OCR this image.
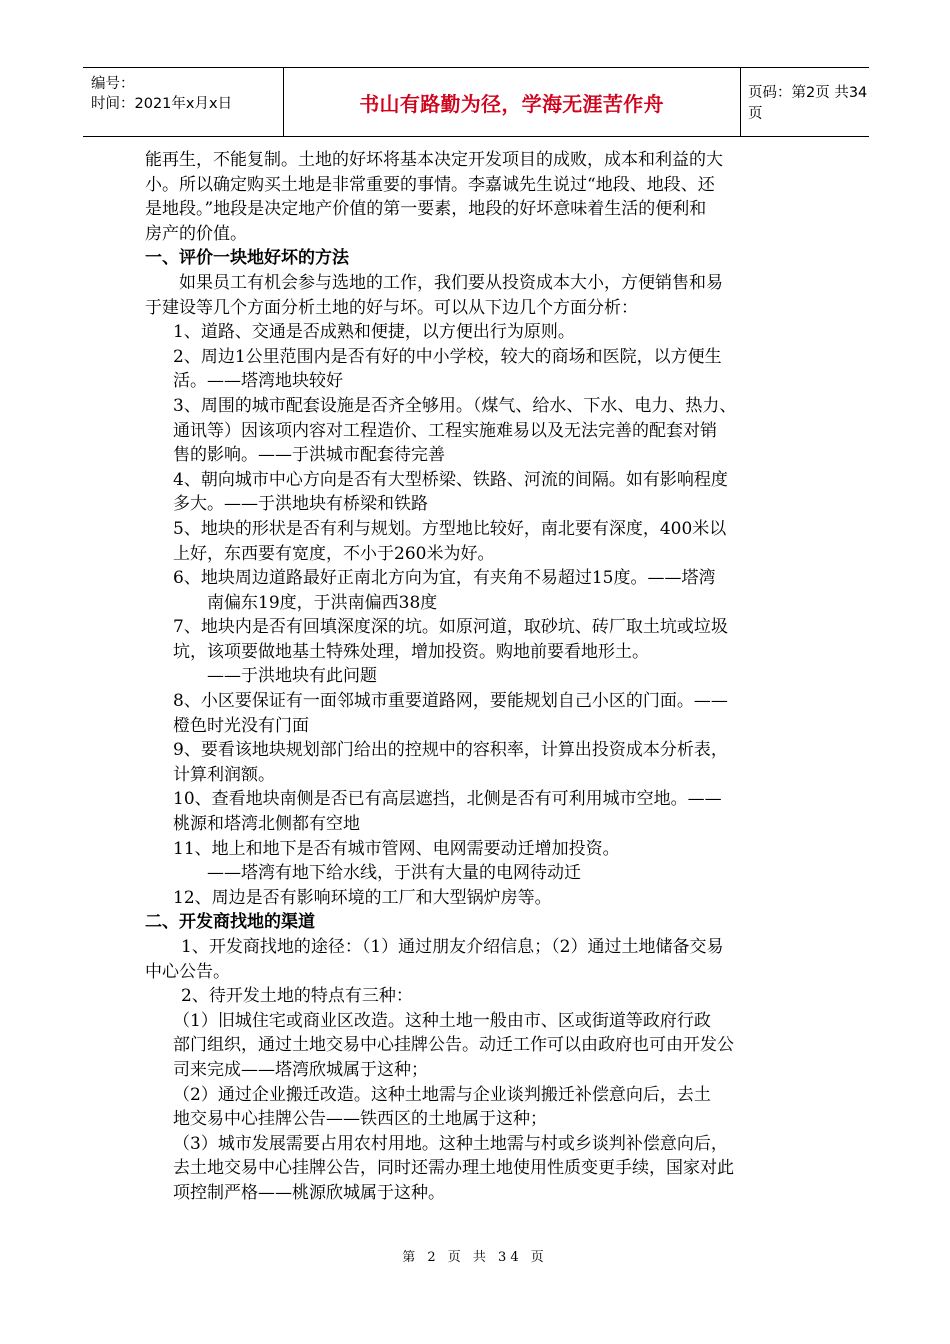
编号：
时间：2021年x月x日	书山有路勤为径，学海无涯苦作舟	页码：第2页 共34页

能再生，不能复制。土地的好坏将基本决定开发项目的成败，成本和利益的大

小。所以确定购买土地是非常重要的事情。李嘉诚先生说过“地段、地段、还

是地段。”地段是决定地产价值的第一要素，地段的好坏意味着生活的便利和

房产的价值。

一、评价一块地好坏的方法

如果员工有机会参与选地的工作，我们要从投资成本大小，方便销售和易

于建设等几个方面分析土地的好与坏。可以从下边几个方面分析：

1、道路、交通是否成熟和便捷，以方便出行为原则。

2、周边1公里范围内是否有好的中小学校，较大的商场和医院，以方便生

活。——塔湾地块较好

3、周围的城市配套设施是否齐全够用。（煤气、给水、下水、电力、热力、

通讯等）因该项内容对工程造价、工程实施难易以及无法完善的配套对销

售的影响。——于洪城市配套待完善

4、朝向城市中心方向是否有大型桥梁、铁路、河流的间隔。如有影响程度

多大。——于洪地块有桥梁和铁路

5、地块的形状是否有利与规划。方型地比较好，南北要有深度，400米以

上好，东西要有宽度，不小于260米为好。

6、地块周边道路最好正南北方向为宜，有夹角不易超过15度。——塔湾

南偏东19度，于洪南偏西38度

7、地块内是否有回填深度深的坑。如原河道，取砂坑、砖厂取土坑或垃圾

坑，该项要做地基土特殊处理，增加投资。购地前要看地形土。

——于洪地块有此问题

8、小区要保证有一面邻城市重要道路网，要能规划自己小区的门面。——

橙色时光没有门面

9、要看该地块规划部门给出的控规中的容积率，计算出投资成本分析表，

计算利润额。

10、查看地块南侧是否已有高层遮挡，北侧是否有可利用城市空地。——

桃源和塔湾北侧都有空地

11、地上和地下是否有城市管网、电网需要动迁增加投资。

——塔湾有地下给水线，于洪有大量的电网待动迁

12、周边是否有影响环境的工厂和大型锅炉房等。

二、开发商找地的渠道

1、开发商找地的途径：（1）通过朋友介绍信息；（2）通过土地储备交易

中心公告。

2、待开发土地的特点有三种：

（1）旧城住宅或商业区改造。这种土地一般由市、区或街道等政府行政

部门组织，通过土地交易中心挂牌公告。动迁工作可以由政府也可由开发公

司来完成——塔湾欣城属于这种；

（2）通过企业搬迁改造。这种土地需与企业谈判搬迁补偿意向后，去土

地交易中心挂牌公告——铁西区的土地属于这种；

（3）城市发展需要占用农村用地。这种土地需与村或乡谈判补偿意向后，

去土地交易中心挂牌公告，同时还需办理土地使用性质变更手续，国家对此

项控制严格——桃源欣城属于这种。

第 2 页 共 34 页
